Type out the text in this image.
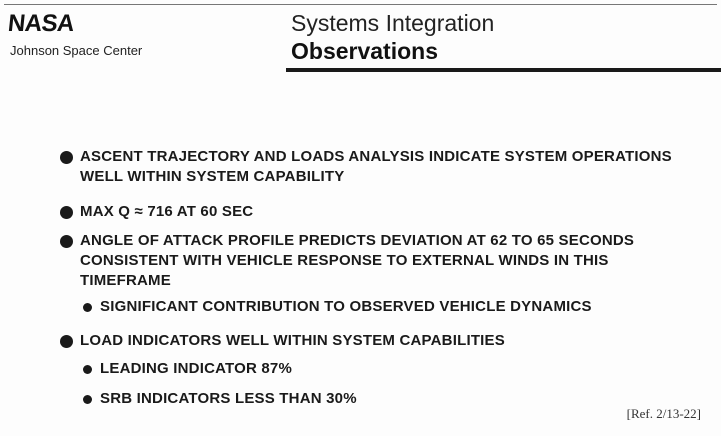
NASA
Johnson Space Center
Systems Integration
Observations
ASCENT TRAJECTORY AND LOADS ANALYSIS INDICATE SYSTEM OPERATIONS WELL WITHIN SYSTEM CAPABILITY
MAX Q ≈ 716 AT 60 SEC
ANGLE OF ATTACK PROFILE PREDICTS DEVIATION AT 62 TO 65 SECONDS CONSISTENT WITH VEHICLE RESPONSE TO EXTERNAL WINDS IN THIS TIMEFRAME
SIGNIFICANT CONTRIBUTION TO OBSERVED VEHICLE DYNAMICS
LOAD INDICATORS WELL WITHIN SYSTEM CAPABILITIES
LEADING INDICATOR 87%
SRB INDICATORS LESS THAN 30%
[Ref. 2/13-22]
